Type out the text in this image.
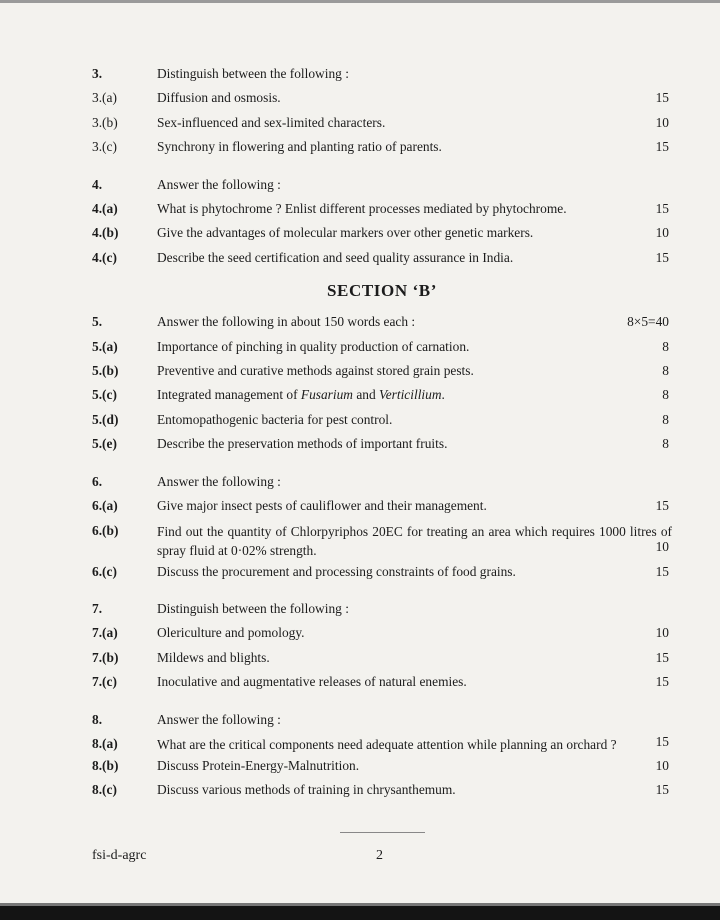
3.	Distinguish between the following :
3.(a)	Diffusion and osmosis.	15
3.(b)	Sex-influenced and sex-limited characters.	10
3.(c)	Synchrony in flowering and planting ratio of parents.	15
4.	Answer the following :
4.(a)	What is phytochrome ? Enlist different processes mediated by phytochrome.	15
4.(b)	Give the advantages of molecular markers over other genetic markers.	10
4.(c)	Describe the seed certification and seed quality assurance in India.	15
SECTION ‘B’
5.	Answer the following in about 150 words each :	8×5=40
5.(a)	Importance of pinching in quality production of carnation.	8
5.(b)	Preventive and curative methods against stored grain pests.	8
5.(c)	Integrated management of Fusarium and Verticillium.	8
5.(d)	Entomopathogenic bacteria for pest control.	8
5.(e)	Describe the preservation methods of important fruits.	8
6.	Answer the following :
6.(a)	Give major insect pests of cauliflower and their management.	15
6.(b)	Find out the quantity of Chlorpyriphos 20EC for treating an area which requires 1000 litres of spray fluid at 0·02% strength.	10
6.(c)	Discuss the procurement and processing constraints of food grains.	15
7.	Distinguish between the following :
7.(a)	Olericulture and pomology.	10
7.(b)	Mildews and blights.	15
7.(c)	Inoculative and augmentative releases of natural enemies.	15
8.	Answer the following :
8.(a)	What are the critical components need adequate attention while planning an orchard ?	15
8.(b)	Discuss Protein-Energy-Malnutrition.	10
8.(c)	Discuss various methods of training in chrysanthemum.	15
fsi-d-agrc	2
